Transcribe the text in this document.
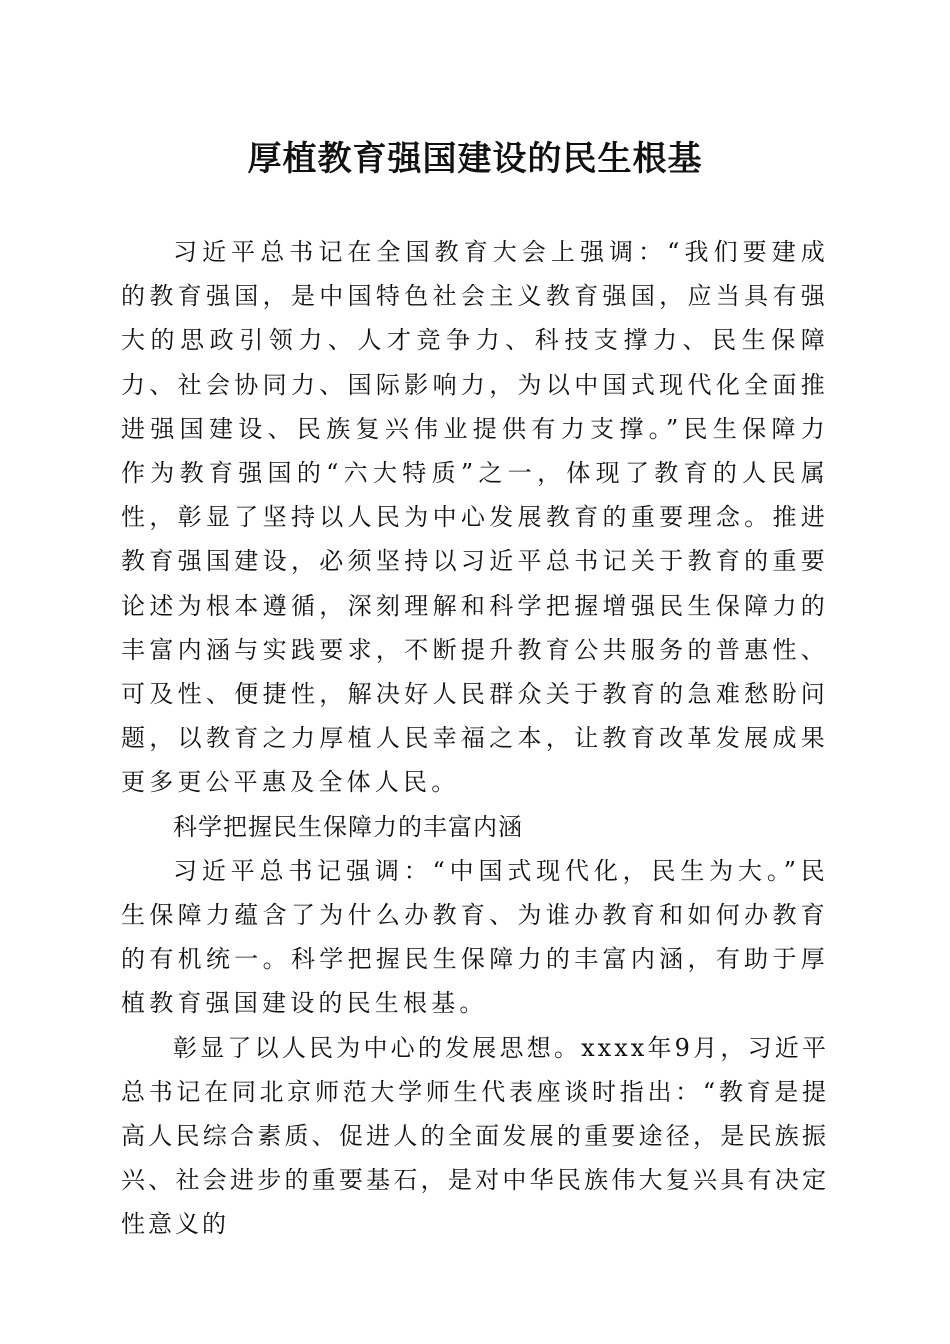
厚植教育强国建设的民生根基

习近平总书记在全国教育大会上强调：“我们要建成的教育强国，是中国特色社会主义教育强国，应当具有强大的思政引领力、人才竞争力、科技支撑力、民生保障力、社会协同力、国际影响力，为以中国式现代化全面推进强国建设、民族复兴伟业提供有力支撑。”民生保障力作为教育强国的“六大特质”之一，体现了教育的人民属性，彰显了坚持以人民为中心发展教育的重要理念。推进教育强国建设，必须坚持以习近平总书记关于教育的重要论述为根本遵循，深刻理解和科学把握增强民生保障力的丰富内涵与实践要求，不断提升教育公共服务的普惠性、可及性、便捷性，解决好人民群众关于教育的急难愁盼问题，以教育之力厚植人民幸福之本，让教育改革发展成果更多更公平惠及全体人民。

科学把握民生保障力的丰富内涵

习近平总书记强调：“中国式现代化，民生为大。”民生保障力蕴含了为什么办教育、为谁办教育和如何办教育的有机统一。科学把握民生保障力的丰富内涵，有助于厚植教育强国建设的民生根基。

彰显了以人民为中心的发展思想。xxxx年9月，习近平总书记在同北京师范大学师生代表座谈时指出：“教育是提高人民综合素质、促进人的全面发展的重要途径，是民族振兴、社会进步的重要基石，是对中华民族伟大复兴具有决定性意义的
